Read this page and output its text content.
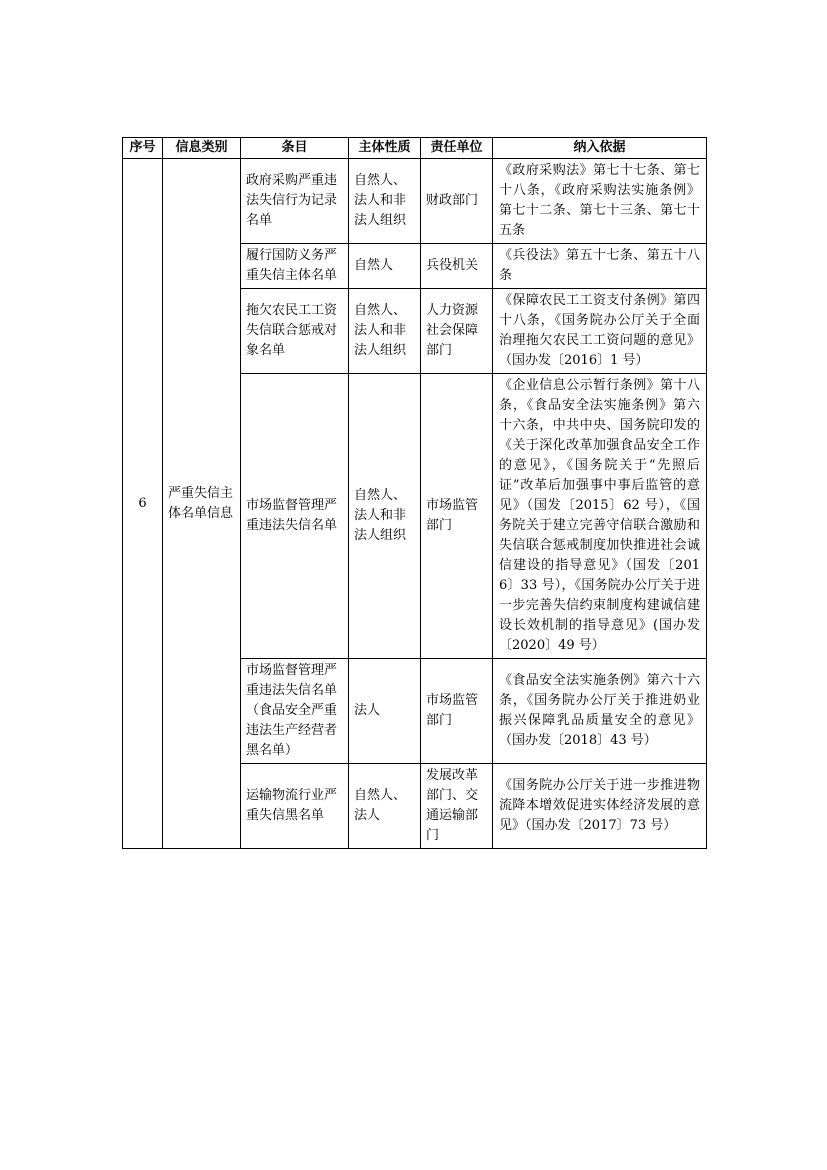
序号	信息类别	条目	主体性质	责任单位	纳入依据
6	严重失信主体名单信息	政府采购严重违法失信行为记录名单	自然人、法人和非法人组织	财政部门	《政府采购法》第七十七条、第七十八条，《政府采购法实施条例》第七十二条、第七十三条、第七十五条
		履行国防义务严重失信主体名单	自然人	兵役机关	《兵役法》第五十七条、第五十八条
		拖欠农民工工资失信联合惩戒对象名单	自然人、法人和非法人组织	人力资源社会保障部门	《保障农民工工资支付条例》第四十八条，《国务院办公厅关于全面治理拖欠农民工工资问题的意见》（国办发〔2016〕1 号）
		市场监督管理严重违法失信名单	自然人、法人和非法人组织	市场监管部门	《企业信息公示暂行条例》第十八条，《食品安全法实施条例》第六十六条，中共中央、国务院印发的《关于深化改革加强食品安全工作的意见》，《国务院关于“先照后证”改革后加强事中事后监管的意见》（国发〔2015〕62 号），《国务院关于建立完善守信联合激励和失信联合惩戒制度加快推进社会诚信建设的指导意见》（国发〔2016〕33 号），《国务院办公厅关于进一步完善失信约束制度构建诚信建设长效机制的指导意见》(国办发〔2020〕49 号）
		市场监督管理严重违法失信名单（食品安全严重违法生产经营者黑名单）	法人	市场监管部门	《食品安全法实施条例》第六十六条，《国务院办公厅关于推进奶业振兴保障乳品质量安全的意见》（国办发〔2018〕43 号）
		运输物流行业严重失信黑名单	自然人、法人	发展改革部门、交通运输部门	《国务院办公厅关于进一步推进物流降本增效促进实体经济发展的意见》（国办发〔2017〕73 号）
